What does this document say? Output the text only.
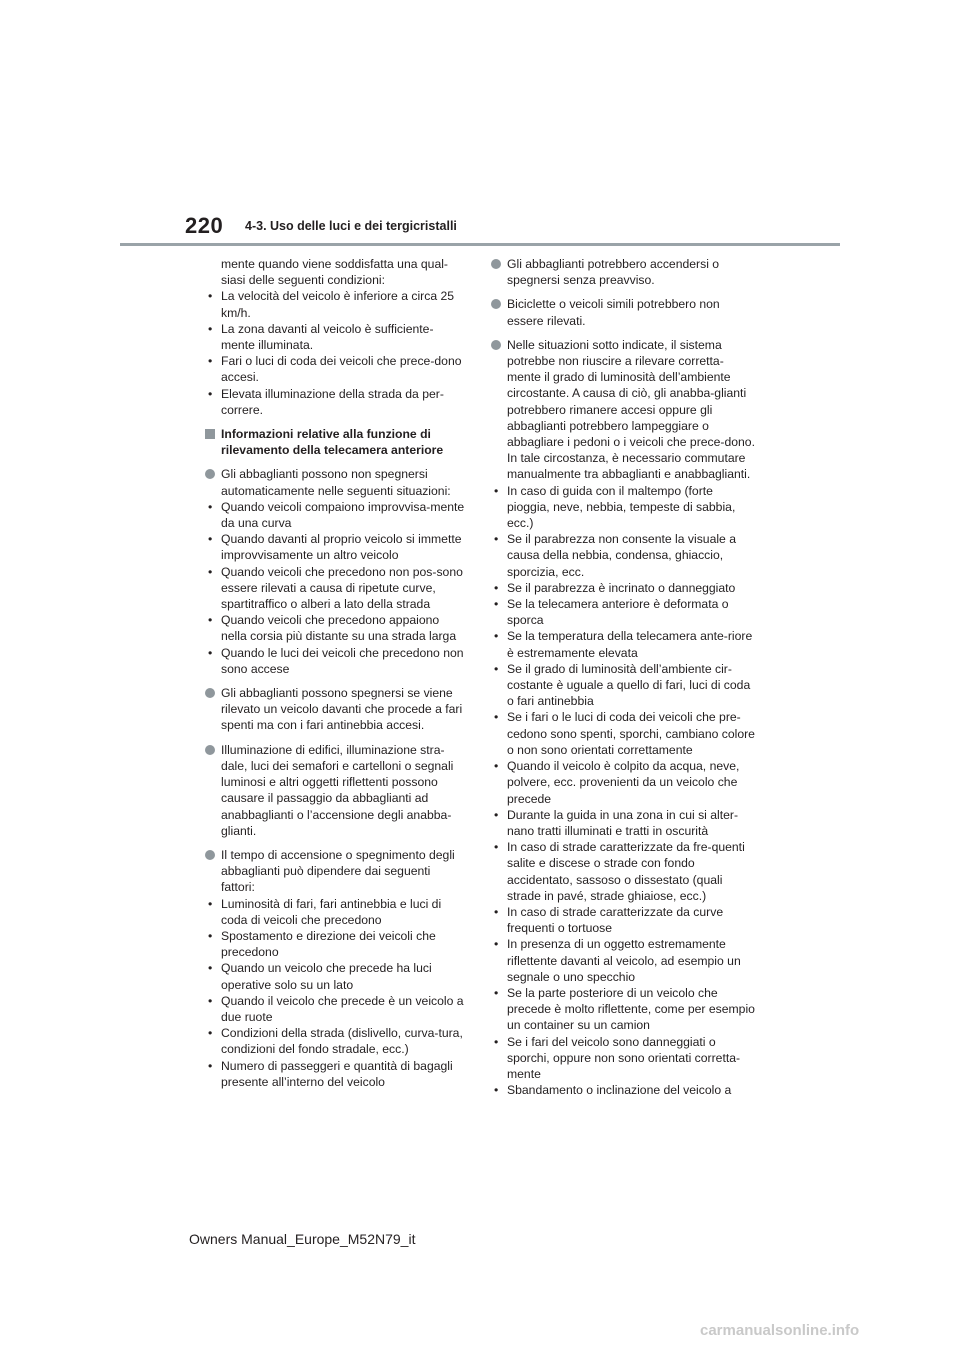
220 4-3. Uso delle luci e dei tergicristalli

mente quando viene soddisfatta una qual-siasi delle seguenti condizioni:

• La velocità del veicolo è inferiore a circa 25 km/h.
• La zona davanti al veicolo è sufficiente-mente illuminata.
• Fari o luci di coda dei veicoli che prece-dono accesi.
• Elevata illuminazione della strada da per-correre.
Informazioni relative alla funzione di rilevamento della telecamera anteriore
Gli abbaglianti possono non spegnersi automaticamente nelle seguenti situazioni:
• Quando veicoli compaiono improvvisa-mente da una curva
• Quando davanti al proprio veicolo si immette improvvisamente un altro veicolo
• Quando veicoli che precedono non pos-sono essere rilevati a causa di ripetute curve, spartitraffico o alberi a lato della strada
• Quando veicoli che precedono appaiono nella corsia più distante su una strada larga
• Quando le luci dei veicoli che precedono non sono accese
Gli abbaglianti possono spegnersi se viene rilevato un veicolo davanti che procede a fari spenti ma con i fari antinebbia accesi.
Illuminazione di edifici, illuminazione stra-dale, luci dei semafori e cartelloni o segnali luminosi e altri oggetti riflettenti possono causare il passaggio da abbaglianti ad anabbaglianti o l’accensione degli anabba-glianti.
Il tempo di accensione o spegnimento degli abbaglianti può dipendere dai seguenti fattori:
• Luminosità di fari, fari antinebbia e luci di coda di veicoli che precedono
• Spostamento e direzione dei veicoli che precedono
• Quando un veicolo che precede ha luci operative solo su un lato
• Quando il veicolo che precede è un veicolo a due ruote
• Condizioni della strada (dislivello, curva-tura, condizioni del fondo stradale, ecc.)
• Numero di passeggeri e quantità di bagagli presente all’interno del veicolo
Gli abbaglianti potrebbero accendersi o spegnersi senza preavviso.
Biciclette o veicoli simili potrebbero non essere rilevati.
Nelle situazioni sotto indicate, il sistema potrebbe non riuscire a rilevare corretta-mente il grado di luminosità dell’ambiente circostante. A causa di ciò, gli anabba-glianti potrebbero rimanere accesi oppure gli abbaglianti potrebbero lampeggiare o abbagliare i pedoni o i veicoli che prece-dono. In tale circostanza, è necessario commutare manualmente tra abbaglianti e anabbaglianti.
• In caso di guida con il maltempo (forte pioggia, neve, nebbia, tempeste di sabbia, ecc.)
• Se il parabrezza non consente la visuale a causa della nebbia, condensa, ghiaccio, sporcizia, ecc.
• Se il parabrezza è incrinato o danneggiato
• Se la telecamera anteriore è deformata o sporca
• Se la temperatura della telecamera ante-riore è estremamente elevata
• Se il grado di luminosità dell’ambiente cir-costante è uguale a quello di fari, luci di coda o fari antinebbia
• Se i fari o le luci di coda dei veicoli che pre-cedono sono spenti, sporchi, cambiano colore o non sono orientati correttamente
• Quando il veicolo è colpito da acqua, neve, polvere, ecc. provenienti da un veicolo che precede
• Durante la guida in una zona in cui si alter-nano tratti illuminati e tratti in oscurità
• In caso di strade caratterizzate da fre-quenti salite e discese o strade con fondo accidentato, sassoso o dissestato (quali strade in pavé, strade ghiaiose, ecc.)
• In caso di strade caratterizzate da curve frequenti o tortuose
• In presenza di un oggetto estremamente riflettente davanti al veicolo, ad esempio un segnale o uno specchio
• Se la parte posteriore di un veicolo che precede è molto riflettente, come per esempio un container su un camion
• Se i fari del veicolo sono danneggiati o sporchi, oppure non sono orientati corretta-mente
• Sbandamento o inclinazione del veicolo a
Owners Manual_Europe_M52N79_it
carmanualsonline.info
